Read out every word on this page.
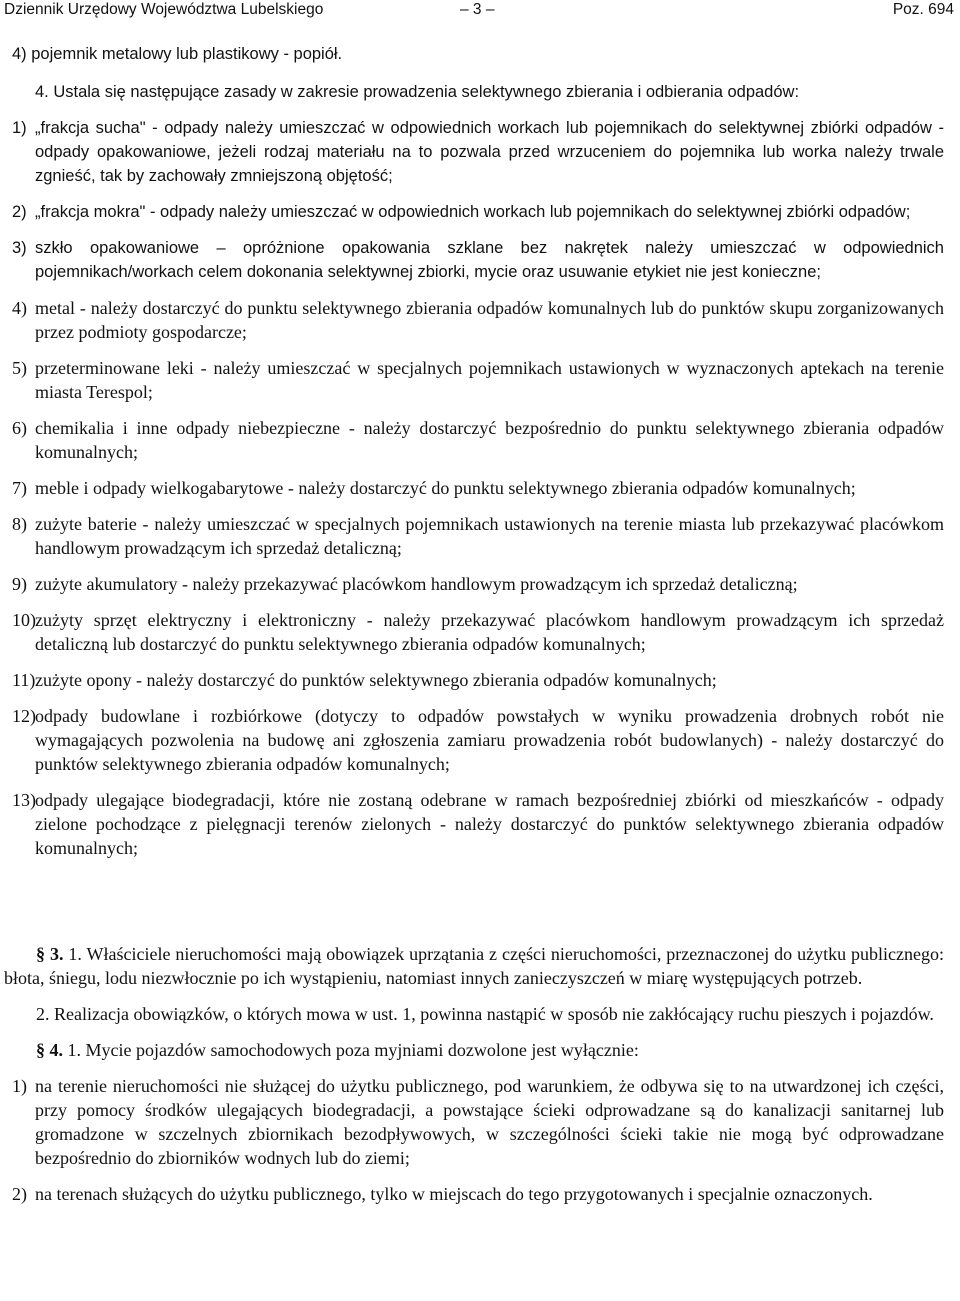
Dziennik Urzędowy Województwa Lubelskiego	– 3 –	Poz. 694

4) pojemnik metalowy lub plastikowy - popiół.

4. Ustala się następujące zasady w zakresie prowadzenia selektywnego zbierania i odbierania odpadów:

1) „frakcja sucha" - odpady należy umieszczać w odpowiednich workach lub pojemnikach do selektywnej zbiórki odpadów - odpady opakowaniowe, jeżeli rodzaj materiału na to pozwala przed wrzuceniem do pojemnika lub worka należy trwale zgnieść, tak by zachowały zmniejszoną objętość;
2) „frakcja mokra" - odpady należy umieszczać w odpowiednich workach lub pojemnikach do selektywnej zbiórki odpadów;
3) szkło opakowaniowe – opróżnione opakowania szklane bez nakrętek należy umieszczać w odpowiednich pojemnikach/workach celem dokonania selektywnej zbiorki, mycie oraz usuwanie etykiet nie jest konieczne;
4) metal - należy dostarczyć do punktu selektywnego zbierania odpadów komunalnych lub do punktów skupu zorganizowanych przez podmioty gospodarcze;
5) przeterminowane leki - należy umieszczać w specjalnych pojemnikach ustawionych w wyznaczonych aptekach na terenie miasta Terespol;
6) chemikalia i inne odpady niebezpieczne - należy dostarczyć bezpośrednio do punktu selektywnego zbierania odpadów komunalnych;
7) meble i odpady wielkogabarytowe - należy dostarczyć do punktu selektywnego zbierania odpadów komunalnych;
8) zużyte baterie - należy umieszczać w specjalnych pojemnikach ustawionych na terenie miasta lub przekazywać placówkom handlowym prowadzącym ich sprzedaż detaliczną;
9) zużyte akumulatory - należy przekazywać placówkom handlowym prowadzącym ich sprzedaż detaliczną;
10) zużyty sprzęt elektryczny i elektroniczny - należy przekazywać placówkom handlowym prowadzącym ich sprzedaż detaliczną lub dostarczyć do punktu selektywnego zbierania odpadów komunalnych;
11) zużyte opony - należy dostarczyć do punktów selektywnego zbierania odpadów komunalnych;
12) odpady budowlane i rozbiórkowe (dotyczy to odpadów powstałych w wyniku prowadzenia drobnych robót nie wymagających pozwolenia na budowę ani zgłoszenia zamiaru prowadzenia robót budowlanych) - należy dostarczyć do punktów selektywnego zbierania odpadów komunalnych;
13) odpady ulegające biodegradacji, które nie zostaną odebrane w ramach bezpośredniej zbiórki od mieszkańców - odpady zielone pochodzące z pielęgnacji terenów zielonych - należy dostarczyć do punktów selektywnego zbierania odpadów komunalnych;

§ 3. 1. Właściciele nieruchomości mają obowiązek uprzątania z części nieruchomości, przeznaczonej do użytku publicznego: błota, śniegu, lodu niezwłocznie po ich wystąpieniu, natomiast innych zanieczyszczeń w miarę występujących potrzeb.

2. Realizacja obowiązków, o których mowa w ust. 1, powinna nastąpić w sposób nie zakłócający ruchu pieszych i pojazdów.

§ 4. 1. Mycie pojazdów samochodowych poza myjniami dozwolone jest wyłącznie:

1) na terenie nieruchomości nie służącej do użytku publicznego, pod warunkiem, że odbywa się to na utwardzonej ich części, przy pomocy środków ulegających biodegradacji, a powstające ścieki odprowadzane są do kanalizacji sanitarnej lub gromadzone w szczelnych zbiornikach bezodpływowych, w szczególności ścieki takie nie mogą być odprowadzane bezpośrednio do zbiorników wodnych lub do ziemi;
2) na terenach służących do użytku publicznego, tylko w miejscach do tego przygotowanych i specjalnie oznaczonych.
